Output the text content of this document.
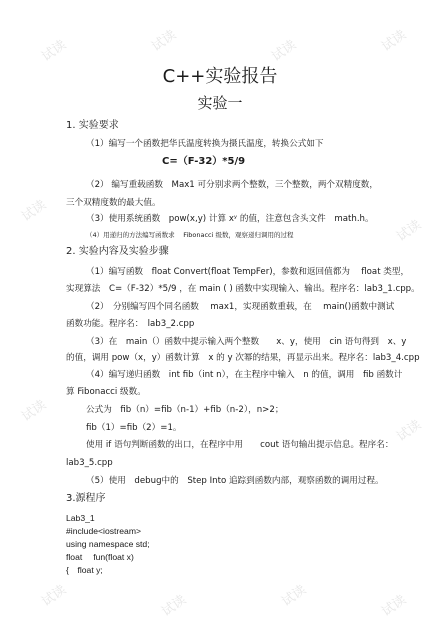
试读	试读	试读	试读
试读
试读
试读
试读
试读	试读	试读	试读
C++实验报告
实验一
1. 实验要求
（1）编写一个函数把华氏温度转换为摄氏温度，转换公式如下
C=（F-32）*5/9
（2） 编写重载函数　Max1 可分别求两个整数，三个整数，两个双精度数，
三个双精度数的最大值。
（3）使用系统函数　pow(x,y) 计算 xʸ 的值，注意包含头文件　math.h。
（4）用递归的方法编写函数求　 Fibonacci 级数，观察递归调用的过程
2. 实验内容及实验步骤
（1）编写函数　float Convert(float TempFer)，参数和返回值都为　 float 类型，
实现算法　C=（F-32）*5/9 ，在 main ( ) 函数中实现输入、输出。程序名：lab3_1.cpp。
（2）　分别编写四个同名函数　 max1，实现函数重载，在　 main()函数中测试
函数功能。程序名：　lab3_2.cpp
（3）在　main（）函数中提示输入两个整数　　x、y，使用　cin 语句得到　x、y
的值，调用 pow（x，y）函数计算　x 的 y 次幂的结果，再显示出来。程序名：lab3_4.cpp
（4）编写递归函数　int fib（int n），在主程序中输入　n 的值，调用　fib 函数计
算 Fibonacci 级数。
公式为　fib（n）=fib（n-1）+fib（n-2），n>2；
fib（1）=fib（2）=1。
使用 if 语句判断函数的出口，在程序中用　　cout 语句输出提示信息。程序名：
lab3_5.cpp
（5）使用　debug中的　Step Into 追踪到函数内部，观察函数的调用过程。
3.源程序
Lab3_1
#include<iostream>
using namespace std;
float　 fun(float x)
{　float y;
